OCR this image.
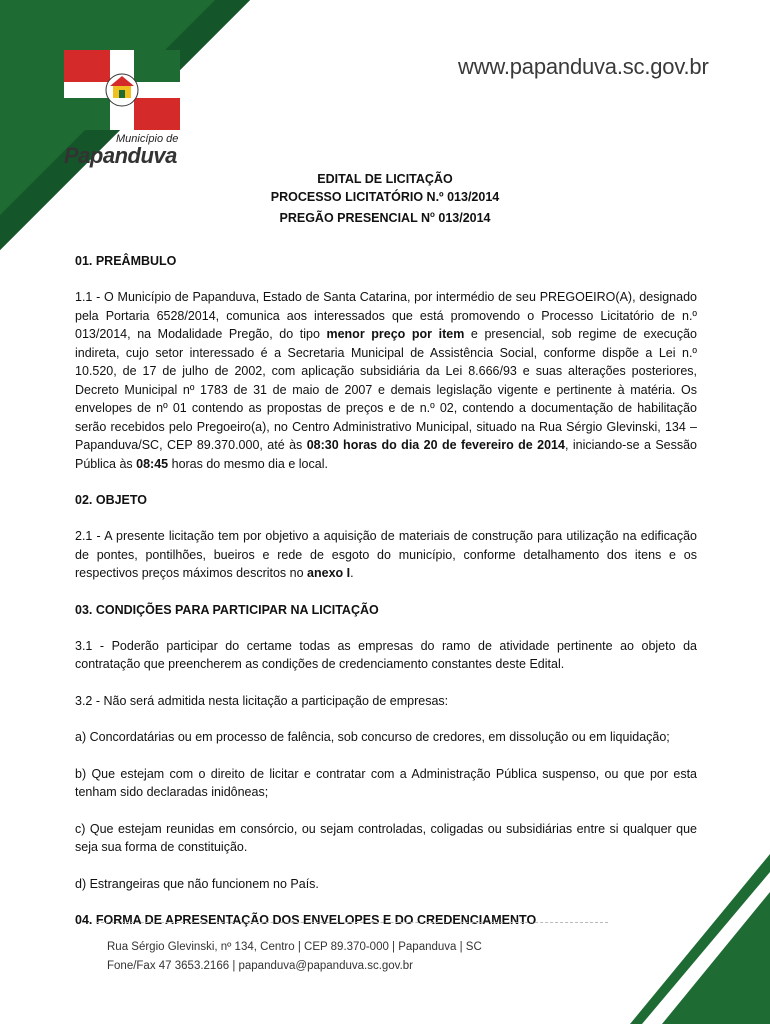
Município de
Papanduva
www.papanduva.sc.gov.br
EDITAL DE LICITAÇÃO
PROCESSO LICITATÓRIO N.º 013/2014
PREGÃO PRESENCIAL $N^o$ 013/2014
01. PREÂMBULO

1.1 - O Município de Papanduva, Estado de Santa Catarina, por intermédio de seu PREGOEIRO(A), designado pela Portaria 6528/2014, comunica aos interessados que está promovendo o Processo Licitatório de n.º 013/2014, na Modalidade Pregão, do tipo menor preço por item e presencial, sob regime de execução indireta, cujo setor interessado é a Secretaria Municipal de Assistência Social, conforme dispõe a Lei n.º 10.520, de 17 de julho de 2002, com aplicação subsidiária da Lei 8.666/93 e suas alterações posteriores, Decreto Municipal nº 1783 de 31 de maio de 2007 e demais legislação vigente e pertinente à matéria. Os envelopes de nº 01 contendo as propostas de preços e de n.º 02, contendo a documentação de habilitação serão recebidos pelo Pregoeiro(a), no Centro Administrativo Municipal, situado na Rua Sérgio Glevinski, 134 – Papanduva/SC, CEP 89.370.000, até às 08:30 horas do dia 20 de fevereiro de 2014, iniciando-se a Sessão Pública às 08:45 horas do mesmo dia e local.

02. OBJETO

2.1 - A presente licitação tem por objetivo a aquisição de materiais de construção para utilização na edificação de pontes, pontilhões, bueiros e rede de esgoto do município, conforme detalhamento dos itens e os respectivos preços máximos descritos no anexo I.

03. CONDIÇÕES PARA PARTICIPAR NA LICITAÇÃO

3.1 - Poderão participar do certame todas as empresas do ramo de atividade pertinente ao objeto da contratação que preencherem as condições de credenciamento constantes deste Edital.

3.2 - Não será admitida nesta licitação a participação de empresas:

a) Concordatárias ou em processo de falência, sob concurso de credores, em dissolução ou em liquidação;

b) Que estejam com o direito de licitar e contratar com a Administração Pública suspenso, ou que por esta tenham sido declaradas inidôneas;

c) Que estejam reunidas em consórcio, ou sejam controladas, coligadas ou subsidiárias entre si qualquer que seja sua forma de constituição.

d) Estrangeiras que não funcionem no País.

04. FORMA DE APRESENTAÇÃO DOS ENVELOPES E DO CREDENCIAMENTO
Rua Sérgio Glevinski, nº 134, Centro | CEP 89.370-000 | Papanduva | SC
Fone/Fax 47 3653.2166 | papanduva@papanduva.sc.gov.br
